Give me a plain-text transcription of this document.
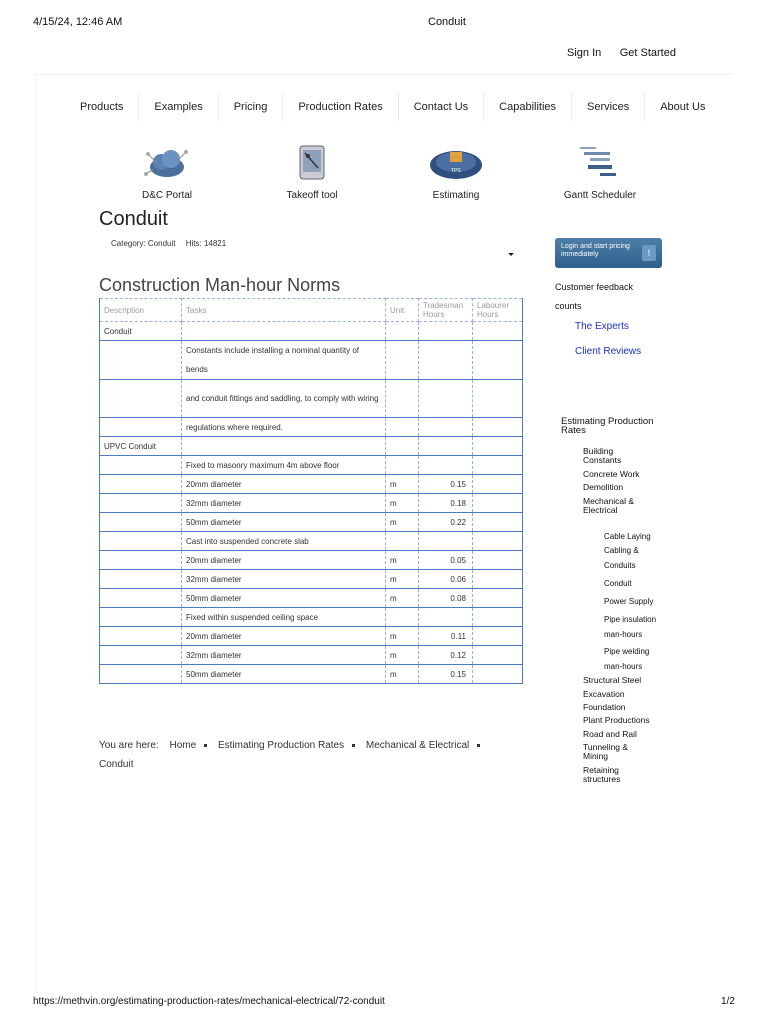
4/15/24, 12:46 AM	Conduit
Sign In Get Started
Products	Examples	Pricing	Production Rates	Contact Us	Capabilities	Services	About Us
D&C Portal	Takeoff tool
TPS
Estimating	Gantt Scheduler
Conduit
Category: Conduit Hits: 14821
Construction Man-hour Norms
Description	Tasks	Unit	Tradesman Hours	Labourer Hours
Conduit				
	Constants include installing a nominal quantity of bends			
	and conduit fittings and saddling, to comply with wiring			
	regulations where required.			
UPVC Conduit				
	Fixed to masonry maximum 4m above floor			
	20mm diameter	m	0.15	
	32mm diameter	m	0.18	
	50mm diameter	m	0.22	
	Cast into suspended concrete slab			
	20mm diameter	m	0.05	
	32mm diameter	m	0.06	
	50mm diameter	m	0.08	
	Fixed within suspended ceiling space			
	20mm diameter	m	0.11	
	32mm diameter	m	0.12	
	50mm diameter	m	0.15	
You are here: Home Estimating Production Rates Mechanical & Electrical
Conduit
Login and start pricing immediately	!
Customer feedback
counts
The Experts
Client Reviews
Estimating Production Rates
Building Constants
Concrete Work
Demolition
Mechanical & Electrical
Cable Laying
Cabling & Conduits
Conduit
Power Supply
Pipe insulation man-hours
Pipe welding man-hours
Structural Steel
Excavation
Foundation
Plant Productions
Road and Rail
Tunneling & Mining
Retaining structures
https://methvin.org/estimating-production-rates/mechanical-electrical/72-conduit	1/2
